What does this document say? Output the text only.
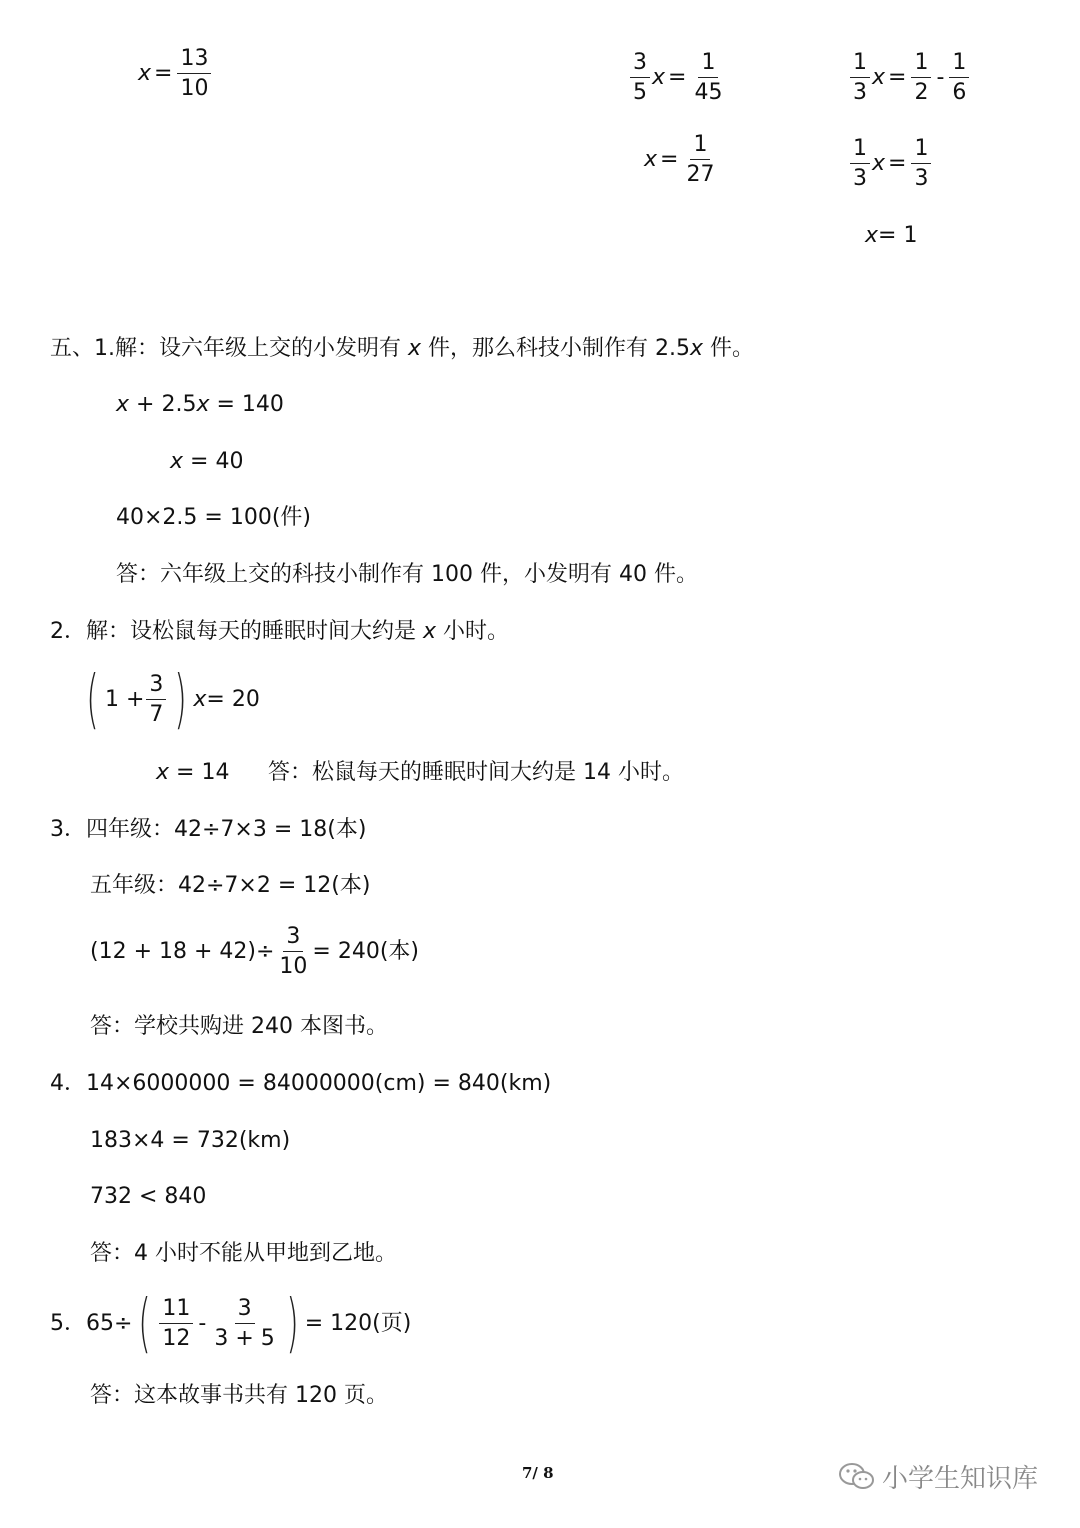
$x = \frac{13}{10}$	$\frac{3}{5}$ $x = \frac{1}{45}$
$x = \frac{1}{27}$
$\frac{1}{3}$ $x = \frac{1}{2} - \frac{1}{6}$
$\frac{1}{3}$ $x = \frac{1}{3}$
x= 1
五、1.解：设六年级上交的小发明有 x 件，那么科技小制作有 2.5x 件。
x + 2.5x = 140
x = 40
40×2.5 = 100(件)
答：六年级上交的科技小制作有 100 件，小发明有 40 件。
2．解：设松鼠每天的睡眠时间大约是 x 小时。
( $1 + \frac{3}{7}$ ) x = 20
x = 14 答：松鼠每天的睡眠时间大约是 14 小时。
3．四年级：42÷7×3 = 18(本)
五年级：42÷7×2 = 12(本)
$(12 + 18 + 42)\div \frac{3}{10} = 240$(本)
答：学校共购进 240 本图书。
4．14×6000000 = 84000000(cm) = 840(km)
183×4 = 732(km)
732 < 840
答：4 小时不能从甲地到乙地。
5．65÷ ( $\frac{11}{12} - \frac{3}{3 + 5}$ ) = 120(页)
答：这本故事书共有 120 页。
7/ 8	小学生知识库
